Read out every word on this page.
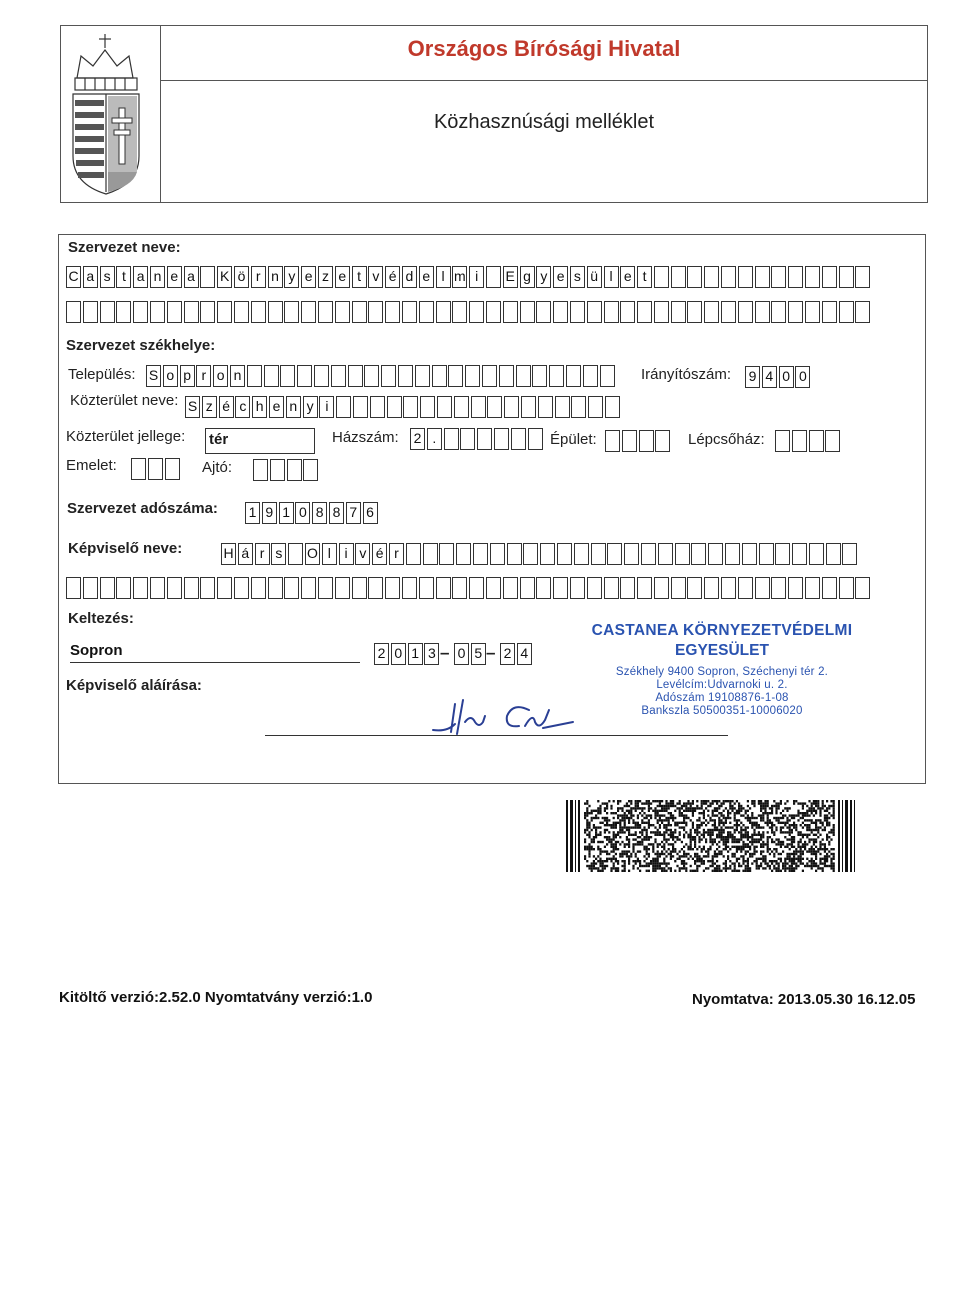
Országos Bírósági Hivatal
Közhasznúsági melléklet
Szervezet neve:
C a s t a n e a K ö r n y e z e t v é d e l m i	E g y e s ü l e t
Szervezet székhelye:
Település: S o p r o n	Irányítószám: 9 4 0 0
Közterület neve: S z é c h e n y i
Közterület jellege: tér	Házszám: 2 .	Épület:	Lépcsőház:
Emelet:	Ajtó:
Szervezet adószáma: 1 9 1 0 8 8 7 6
Képviselő neve:	H á r s O l i v é r
Keltezés:
Sopron	2 0 1 3 – 0 5 – 2 4
Képviselő aláírása:
CASTANEA KÖRNYEZETVÉDELMI
EGYESÜLET
Székhely 9400 Sopron, Széchenyi tér 2.
Levélcím:Udvarnoki u. 2.
Adószám 19108876-1-08
Bankszla 50500351-10006020
Kitöltő verzió:2.52.0 Nyomtatvány verzió:1.0	Nyomtatva: 2013.05.30 16.12.05
